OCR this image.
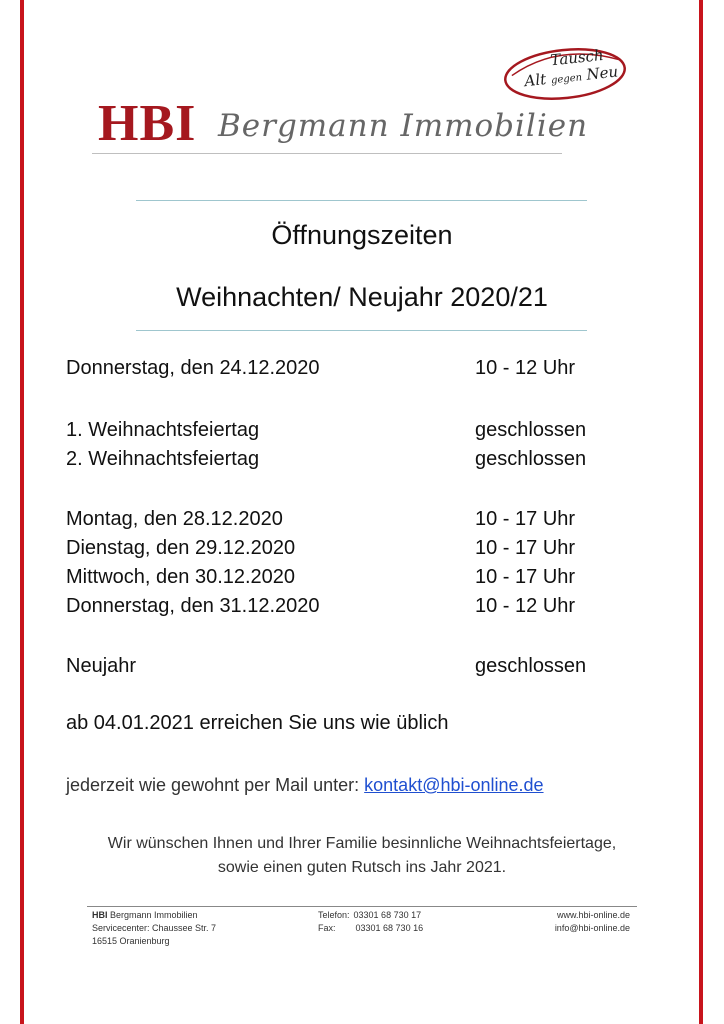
Tausch
Alt gegen Neu
HBI Bergmann Immobilien
Öffnungszeiten
Weihnachten/ Neujahr 2020/21
Donnerstag, den 24.12.2020	10 - 12 Uhr
1. Weihnachtsfeiertag	geschlossen
2. Weihnachtsfeiertag	geschlossen
Montag, den 28.12.2020	10 - 17 Uhr
Dienstag, den 29.12.2020	10 - 17 Uhr
Mittwoch, den 30.12.2020	10 - 17 Uhr
Donnerstag, den 31.12.2020	10 - 12 Uhr
Neujahr	geschlossen
ab 04.01.2021 erreichen Sie uns wie üblich
jederzeit wie gewohnt per Mail unter: kontakt@hbi-online.de
Wir wünschen Ihnen und Ihrer Familie besinnliche Weihnachtsfeiertage,
sowie einen guten Rutsch ins Jahr 2021.
HBI Bergmann Immobilien
Servicecenter: Chaussee Str. 7
16515 Oranienburg
Telefon: 03301 68 730 17
Fax: 03301 68 730 16
www.hbi-online.de
info@hbi-online.de
